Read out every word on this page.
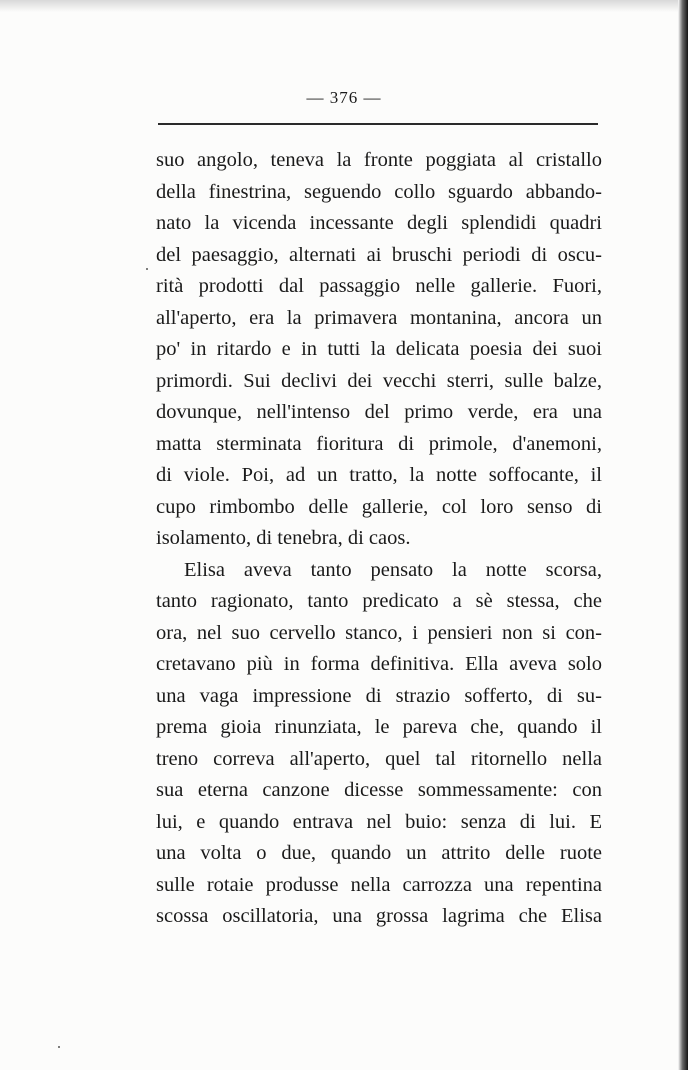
— 376 —
suo angolo, teneva la fronte poggiata al cristallo
della finestrina, seguendo collo sguardo abbando-
nato la vicenda incessante degli splendidi quadri
del paesaggio, alternati ai bruschi periodi di oscu-
rità prodotti dal passaggio nelle gallerie. Fuori,
all'aperto, era la primavera montanina, ancora un
po' in ritardo e in tutti la delicata poesia dei suoi
primordi. Sui declivi dei vecchi sterri, sulle balze,
dovunque, nell'intenso del primo verde, era una
matta sterminata fioritura di primole, d'anemoni,
di viole. Poi, ad un tratto, la notte soffocante, il
cupo rimbombo delle gallerie, col loro senso di
isolamento, di tenebra, di caos.
Elisa aveva tanto pensato la notte scorsa,
tanto ragionato, tanto predicato a sè stessa, che
ora, nel suo cervello stanco, i pensieri non si con-
cretavano più in forma definitiva. Ella aveva solo
una vaga impressione di strazio sofferto, di su-
prema gioia rinunziata, le pareva che, quando il
treno correva all'aperto, quel tal ritornello nella
sua eterna canzone dicesse sommessamente: con
lui, e quando entrava nel buio: senza di lui. E
una volta o due, quando un attrito delle ruote
sulle rotaie produsse nella carrozza una repentina
scossa oscillatoria, una grossa lagrima che Elisa
